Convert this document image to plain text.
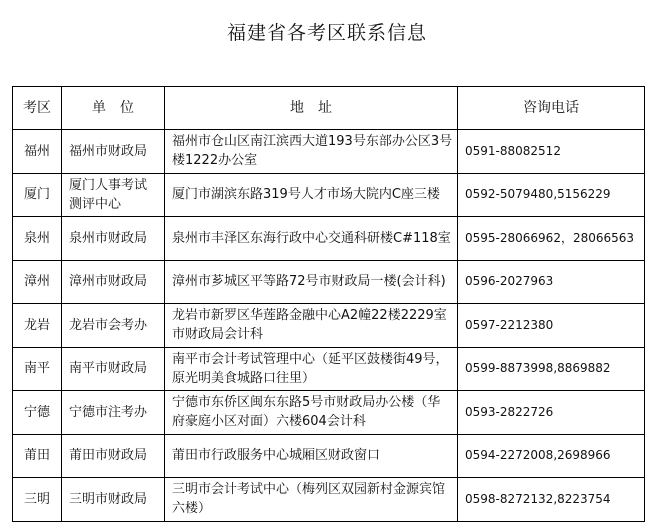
福建省各考区联系信息
考区	单　位	地　址	咨询电话
福州	福州市财政局	福州市仓山区南江滨西大道193号东部办公区3号楼1222办公室	0591-88082512
厦门	厦门人事考试测评中心	厦门市湖滨东路319号人才市场大院内C座三楼	0592-5079480,5156229
泉州	泉州市财政局	泉州市丰泽区东海行政中心交通科研楼C#118室	0595-28066962，28066563
漳州	漳州市财政局	漳州市芗城区平等路72号市财政局一楼(会计科)	0596-2027963
龙岩	龙岩市会考办	龙岩市新罗区华莲路金融中心A2幢22楼2229室 市财政局会计科	0597-2212380
南平	南平市财政局	南平市会计考试管理中心（延平区鼓楼街49号，原光明美食城路口往里）	0599-8873998,8869882
宁德	宁德市注考办	宁德市东侨区闽东东路5号市财政局办公楼（华府豪庭小区对面）六楼604会计科	0593-2822726
莆田	莆田市财政局	莆田市行政服务中心城厢区财政窗口	0594-2272008,2698966
三明	三明市财政局	三明市会计考试中心（梅列区双园新村金源宾馆六楼）	0598-8272132,8223754
